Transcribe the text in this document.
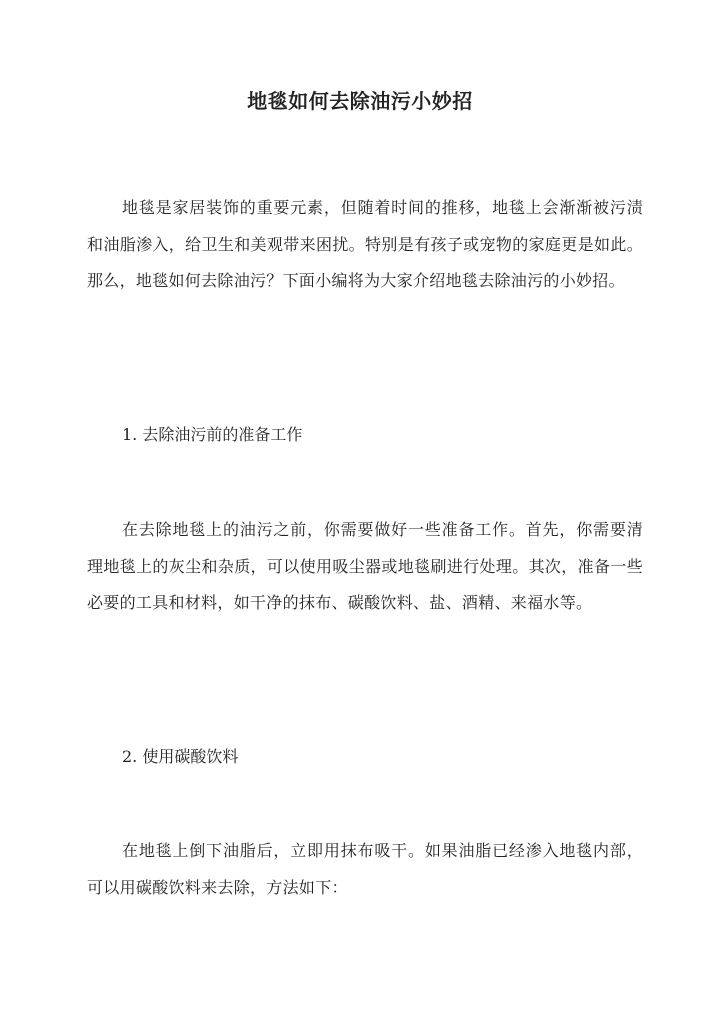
地毯如何去除油污小妙招

地毯是家居装饰的重要元素，但随着时间的推移，地毯上会渐渐被污渍和油脂渗入，给卫生和美观带来困扰。特别是有孩子或宠物的家庭更是如此。那么，地毯如何去除油污？下面小编将为大家介绍地毯去除油污的小妙招。

1. 去除油污前的准备工作

在去除地毯上的油污之前，你需要做好一些准备工作。首先，你需要清理地毯上的灰尘和杂质，可以使用吸尘器或地毯刷进行处理。其次，准备一些必要的工具和材料，如干净的抹布、碳酸饮料、盐、酒精、来福水等。

2. 使用碳酸饮料

在地毯上倒下油脂后，立即用抹布吸干。如果油脂已经渗入地毯内部，可以用碳酸饮料来去除，方法如下：
